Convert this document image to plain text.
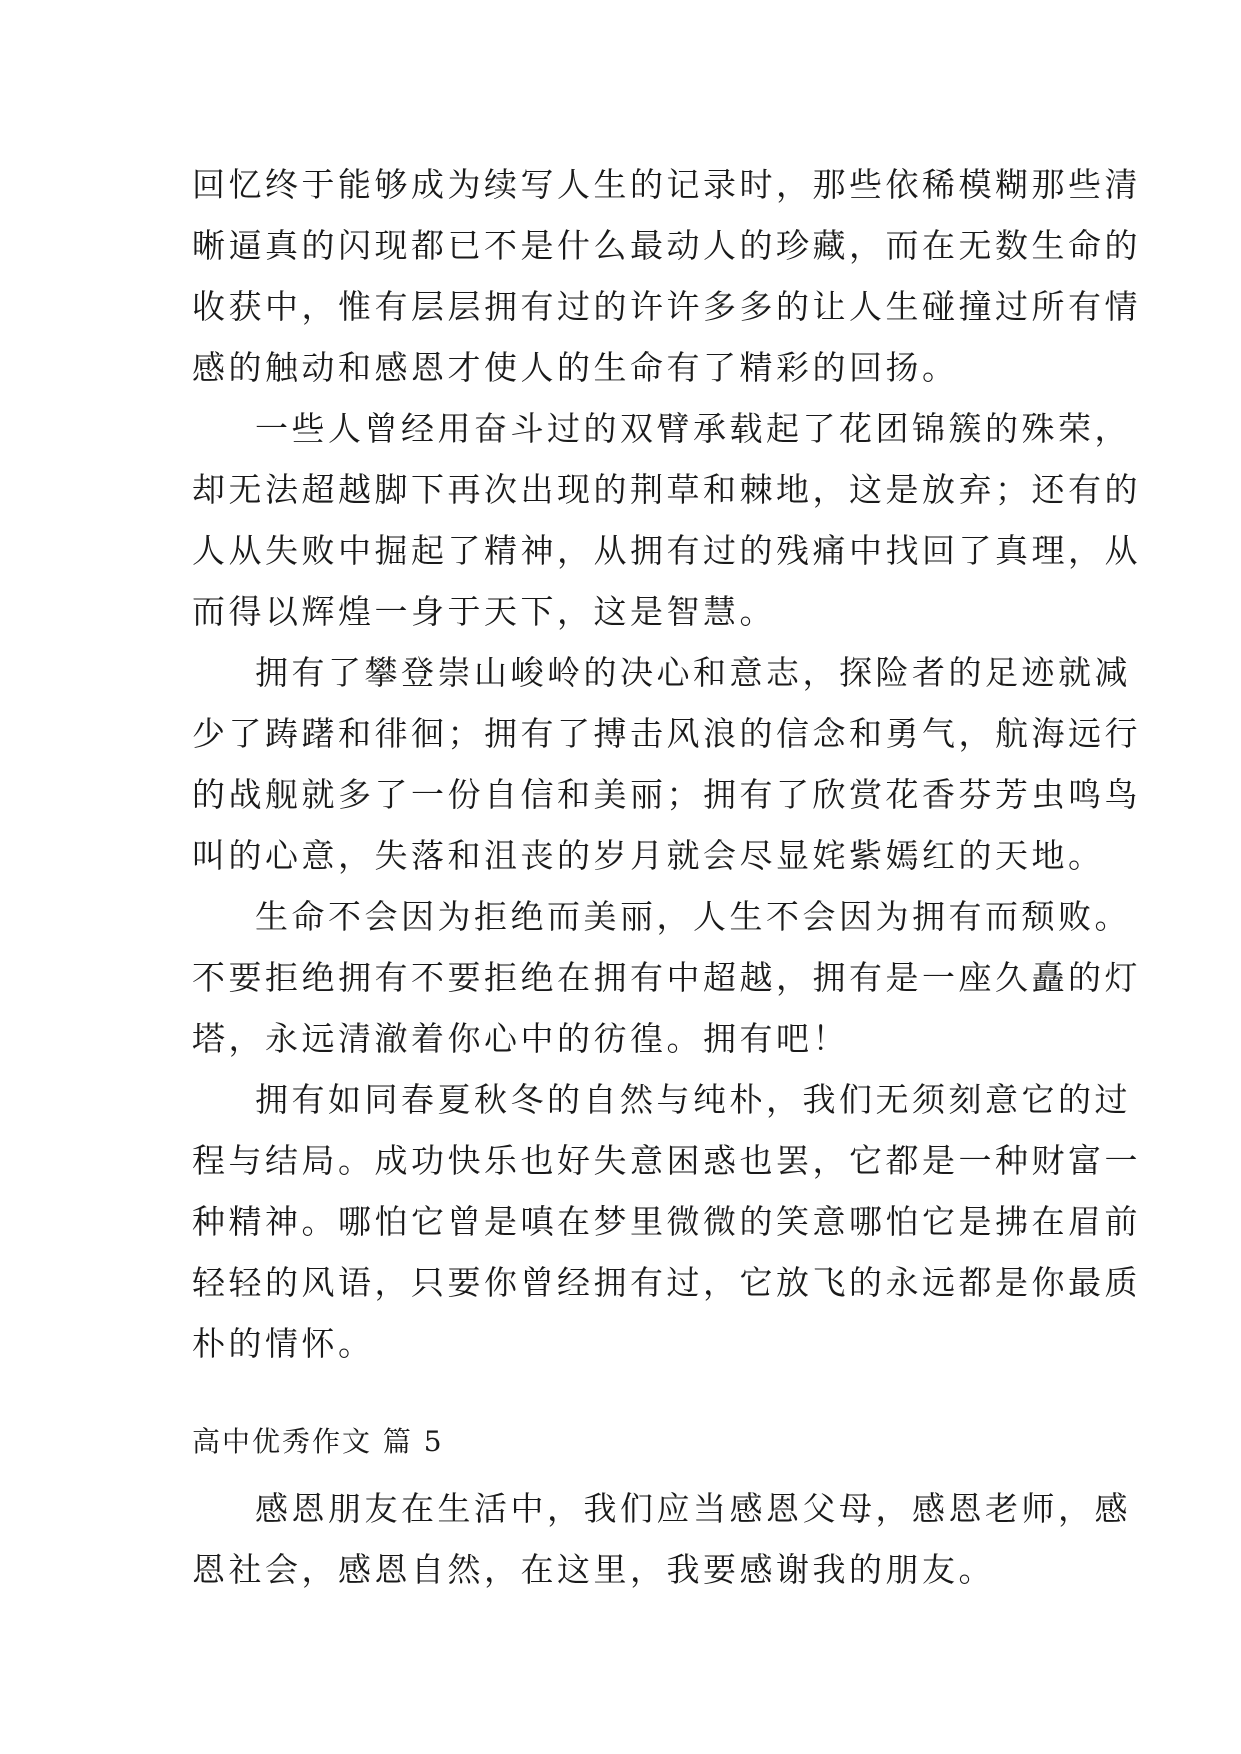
回忆终于能够成为续写人生的记录时，那些依稀模糊那些清
晰逼真的闪现都已不是什么最动人的珍藏，而在无数生命的
收获中，惟有层层拥有过的许许多多的让人生碰撞过所有情
感的触动和感恩才使人的生命有了精彩的回扬。
一些人曾经用奋斗过的双臂承载起了花团锦簇的殊荣，
却无法超越脚下再次出现的荆草和棘地，这是放弃；还有的
人从失败中掘起了精神，从拥有过的残痛中找回了真理，从
而得以辉煌一身于天下，这是智慧。
拥有了攀登崇山峻岭的决心和意志，探险者的足迹就减
少了踌躇和徘徊；拥有了搏击风浪的信念和勇气，航海远行
的战舰就多了一份自信和美丽；拥有了欣赏花香芬芳虫鸣鸟
叫的心意，失落和沮丧的岁月就会尽显姹紫嫣红的天地。
生命不会因为拒绝而美丽，人生不会因为拥有而颓败。
不要拒绝拥有不要拒绝在拥有中超越，拥有是一座久矗的灯
塔，永远清澈着你心中的彷徨。拥有吧！
拥有如同春夏秋冬的自然与纯朴，我们无须刻意它的过
程与结局。成功快乐也好失意困惑也罢，它都是一种财富一
种精神。哪怕它曾是嗔在梦里微微的笑意哪怕它是拂在眉前
轻轻的风语，只要你曾经拥有过，它放飞的永远都是你最质
朴的情怀。
高中优秀作文 篇 5
感恩朋友在生活中，我们应当感恩父母，感恩老师，感
恩社会，感恩自然，在这里，我要感谢我的朋友。
